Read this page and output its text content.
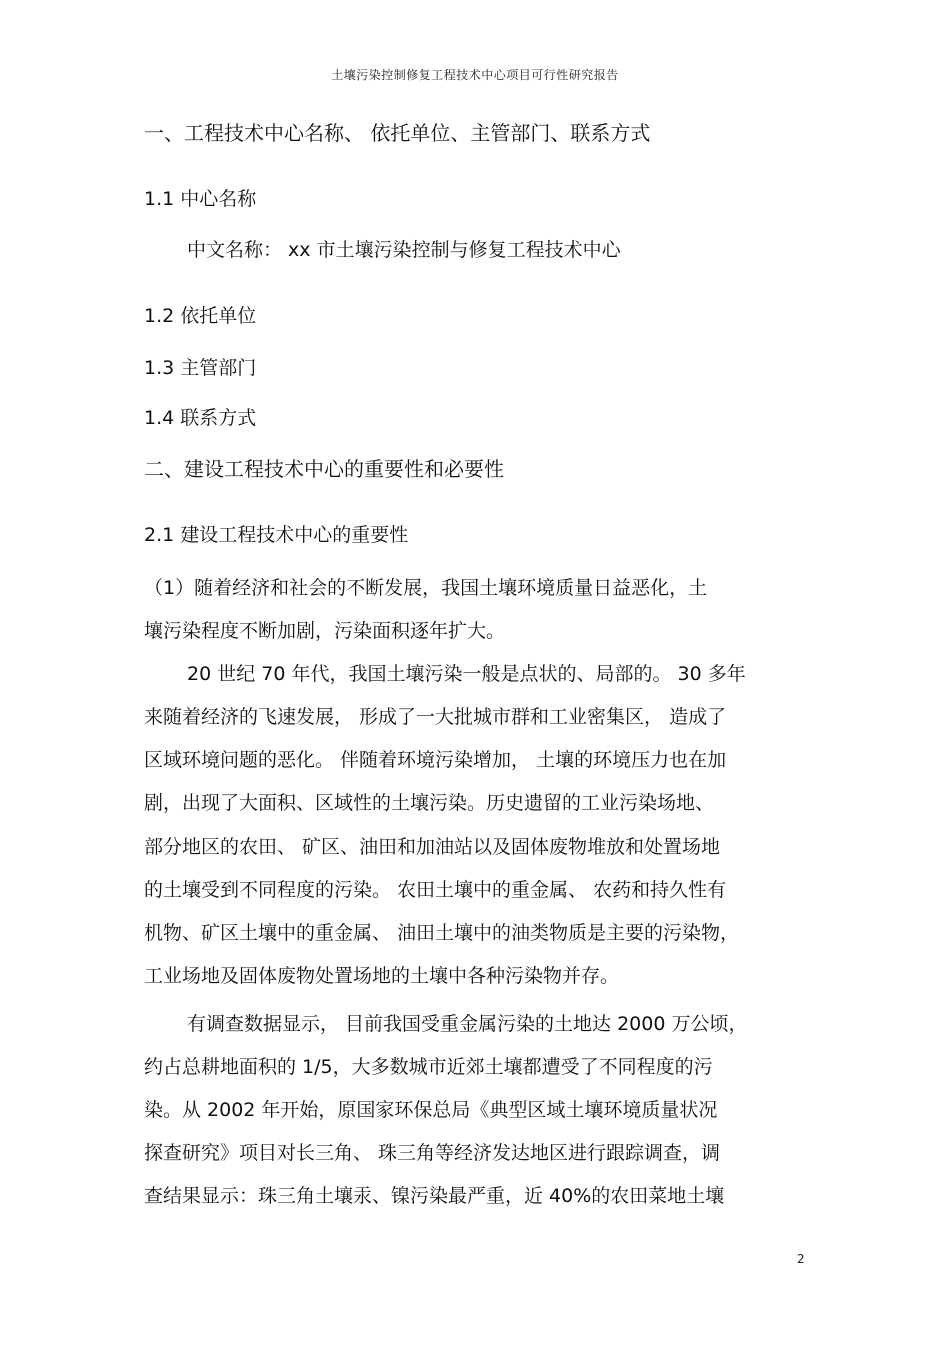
土壤污染控制修复工程技术中心项目可行性研究报告
一、工程技术中心名称、 依托单位、主管部门、联系方式
1.1 中心名称
中文名称： xx 市土壤污染控制与修复工程技术中心
1.2 依托单位
1.3 主管部门
1.4 联系方式
二、建设工程技术中心的重要性和必要性
2.1 建设工程技术中心的重要性
（1）随着经济和社会的不断发展，我国土壤环境质量日益恶化，土
壤污染程度不断加剧，污染面积逐年扩大。
20 世纪 70 年代，我国土壤污染一般是点状的、局部的。 30 多年
来随着经济的飞速发展， 形成了一大批城市群和工业密集区， 造成了
区域环境问题的恶化。 伴随着环境污染增加， 土壤的环境压力也在加
剧，出现了大面积、区域性的土壤污染。历史遗留的工业污染场地、
部分地区的农田、 矿区、油田和加油站以及固体废物堆放和处置场地
的土壤受到不同程度的污染。 农田土壤中的重金属、 农药和持久性有
机物、矿区土壤中的重金属、 油田土壤中的油类物质是主要的污染物，
工业场地及固体废物处置场地的土壤中各种污染物并存。
有调查数据显示， 目前我国受重金属污染的土地达 2000 万公顷，
约占总耕地面积的 1/5，大多数城市近郊土壤都遭受了不同程度的污
染。从 2002 年开始，原国家环保总局《典型区域土壤环境质量状况
探查研究》项目对长三角、 珠三角等经济发达地区进行跟踪调查，调
查结果显示：珠三角土壤汞、镍污染最严重，近 40%的农田菜地土壤
2
